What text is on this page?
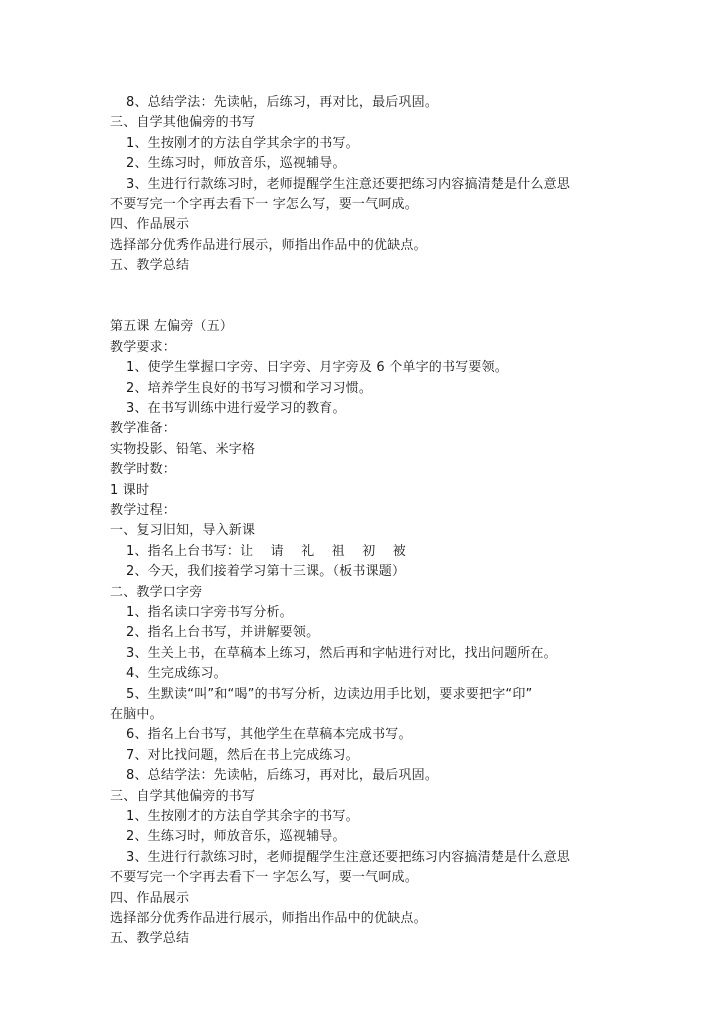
8、总结学法：先读帖，后练习，再对比，最后巩固。
三、自学其他偏旁的书写
1、生按刚才的方法自学其余字的书写。
2、生练习时，师放音乐，巡视辅导。
3、生进行行款练习时，老师提醒学生注意还要把练习内容搞清楚是什么意思
不要写完一个字再去看下一 字怎么写，要一气呵成。
四、作品展示
选择部分优秀作品进行展示，师指出作品中的优缺点。
五、教学总结
第五课 左偏旁（五）
教学要求：
1、使学生掌握口字旁、日字旁、月字旁及 6 个单字的书写要领。
2、培养学生良好的书写习惯和学习习惯。
3、在书写训练中进行爱学习的教育。
教学准备：
实物投影、铅笔、米字格
教学时数：
1 课时
教学过程：
一、复习旧知，导入新课
1、指名上台书写：让    请    礼    祖    初    被
2、今天，我们接着学习第十三课。（板书课题）
二、教学口字旁
1、指名读口字旁书写分析。
2、指名上台书写，并讲解要领。
3、生关上书，在草稿本上练习，然后再和字帖进行对比，找出问题所在。
4、生完成练习。
5、生默读“叫”和“喝”的书写分析，边读边用手比划，要求要把字“印”
在脑中。
6、指名上台书写，其他学生在草稿本完成书写。
7、对比找问题，然后在书上完成练习。
8、总结学法：先读帖，后练习，再对比，最后巩固。
三、自学其他偏旁的书写
1、生按刚才的方法自学其余字的书写。
2、生练习时，师放音乐，巡视辅导。
3、生进行行款练习时，老师提醒学生注意还要把练习内容搞清楚是什么意思
不要写完一个字再去看下一 字怎么写，要一气呵成。
四、作品展示
选择部分优秀作品进行展示，师指出作品中的优缺点。
五、教学总结
